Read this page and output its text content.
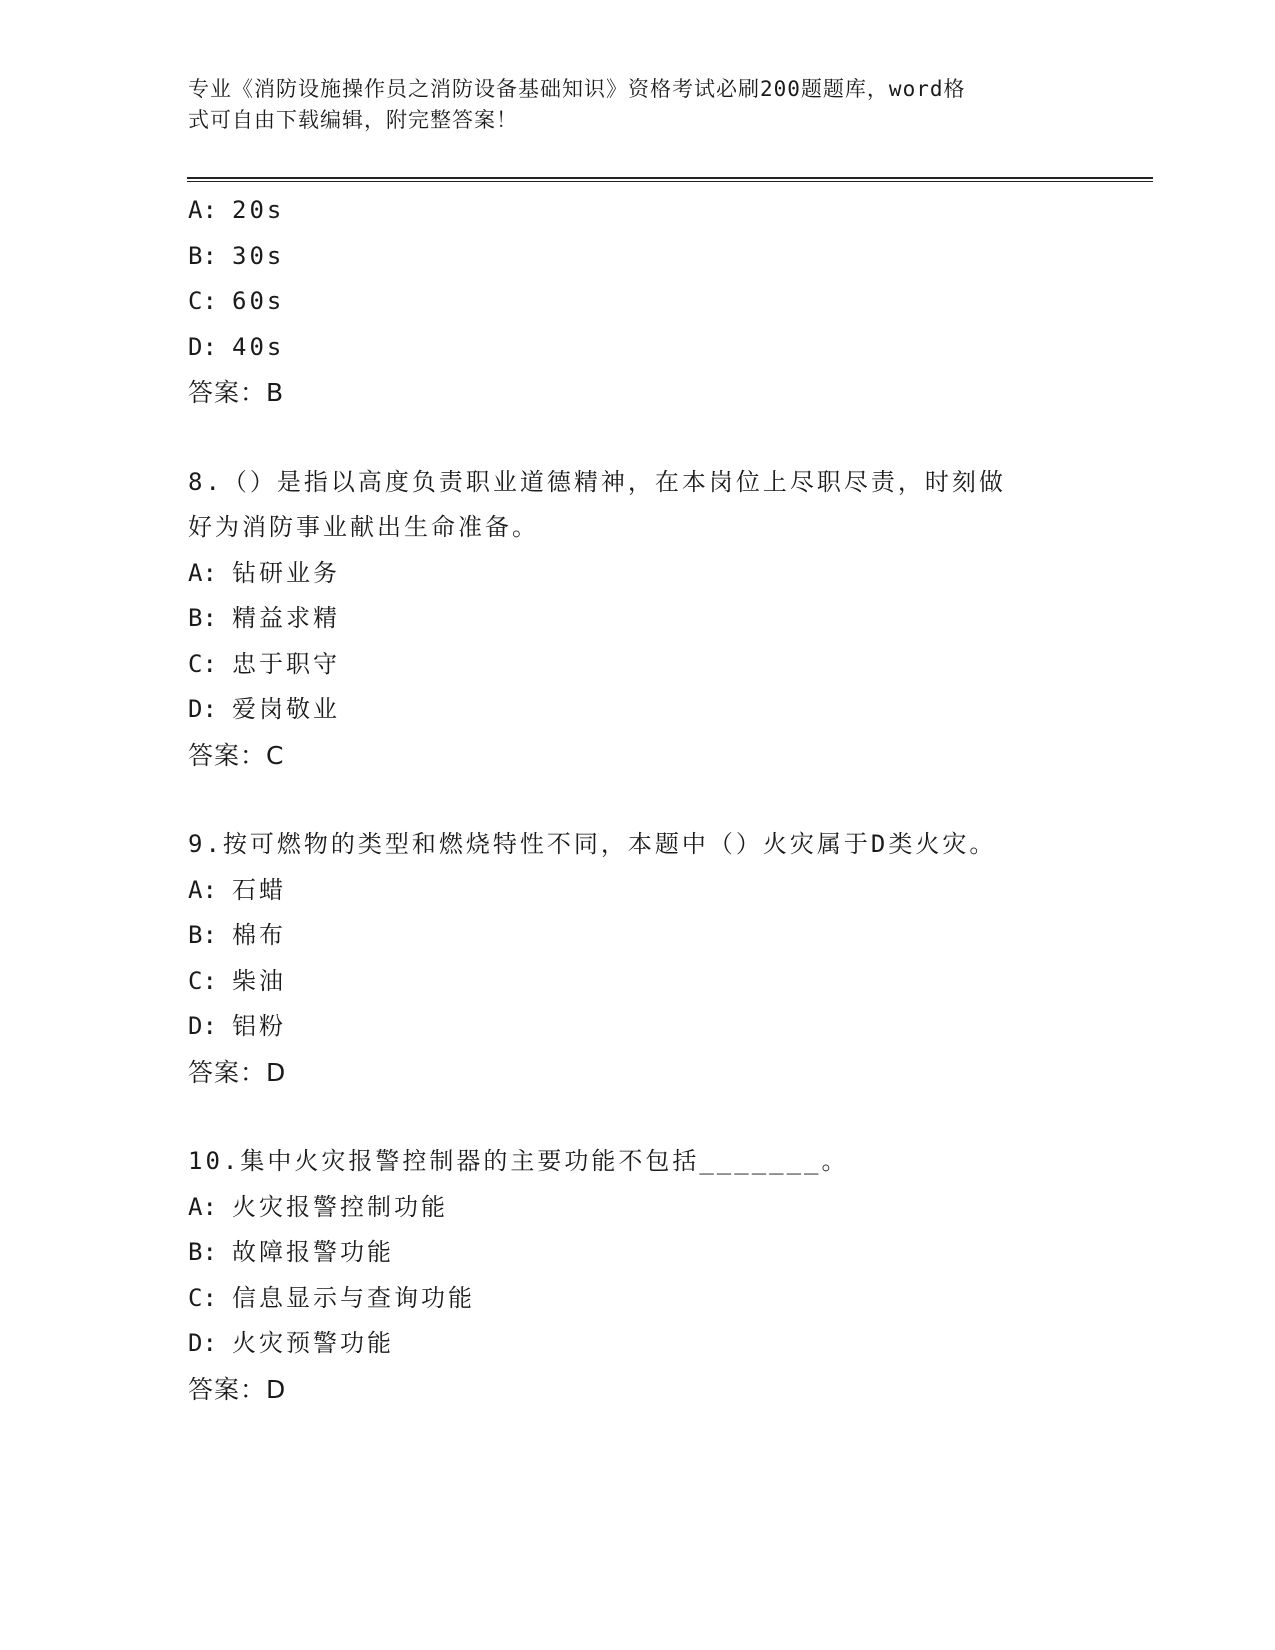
专业《消防设施操作员之消防设备基础知识》资格考试必刷200题题库，word格
式可自由下载编辑，附完整答案！
A: 20s
B: 30s
C: 60s
D: 40s
答案：B
8.（）是指以高度负责职业道德精神，在本岗位上尽职尽责，时刻做
好为消防事业献出生命准备。
A: 钻研业务
B: 精益求精
C: 忠于职守
D: 爱岗敬业
答案：C
9.按可燃物的类型和燃烧特性不同，本题中（）火灾属于D类火灾。
A: 石蜡
B: 棉布
C: 柴油
D: 铝粉
答案：D
10.集中火灾报警控制器的主要功能不包括_______。
A: 火灾报警控制功能
B: 故障报警功能
C: 信息显示与查询功能
D: 火灾预警功能
答案：D
